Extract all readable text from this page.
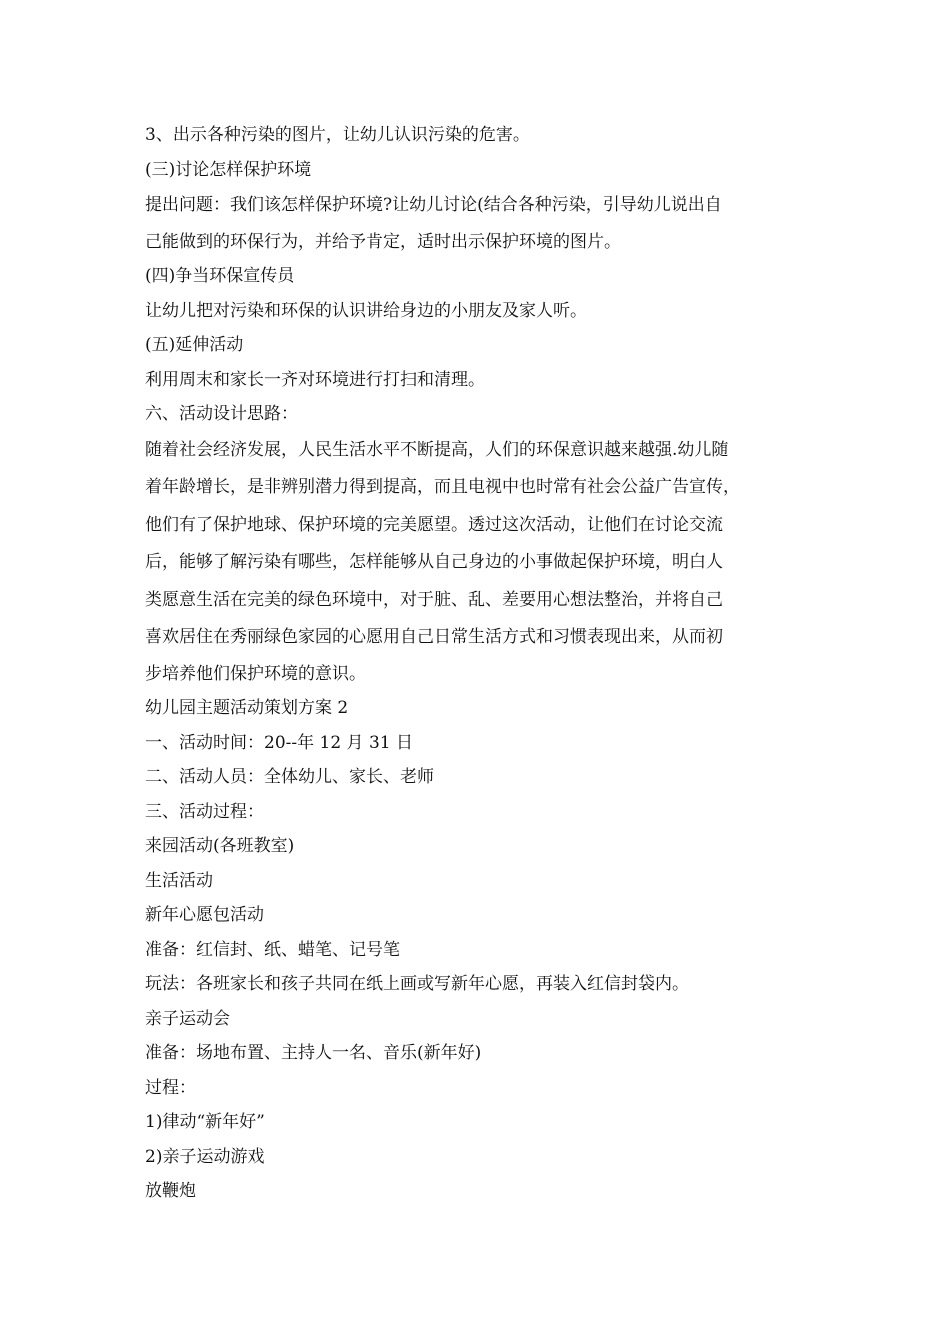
3、出示各种污染的图片，让幼儿认识污染的危害。

(三)讨论怎样保护环境

提出问题：我们该怎样保护环境?让幼儿讨论(结合各种污染，引导幼儿说出自

己能做到的环保行为，并给予肯定，适时出示保护环境的图片。

(四)争当环保宣传员

让幼儿把对污染和环保的认识讲给身边的小朋友及家人听。

(五)延伸活动

利用周末和家长一齐对环境进行打扫和清理。

六、活动设计思路：

随着社会经济发展，人民生活水平不断提高，人们的环保意识越来越强.幼儿随

着年龄增长，是非辨别潜力得到提高，而且电视中也时常有社会公益广告宣传，

他们有了保护地球、保护环境的完美愿望。透过这次活动，让他们在讨论交流

后，能够了解污染有哪些，怎样能够从自己身边的小事做起保护环境，明白人

类愿意生活在完美的绿色环境中，对于脏、乱、差要用心想法整治，并将自己

喜欢居住在秀丽绿色家园的心愿用自己日常生活方式和习惯表现出来，从而初

步培养他们保护环境的意识。

幼儿园主题活动策划方案 2

一、活动时间：20--年 12 月 31 日

二、活动人员：全体幼儿、家长、老师

三、活动过程：

来园活动(各班教室)

生活活动

新年心愿包活动

准备：红信封、纸、蜡笔、记号笔

玩法：各班家长和孩子共同在纸上画或写新年心愿，再装入红信封袋内。

亲子运动会

准备：场地布置、主持人一名、音乐(新年好)

过程：

1)律动“新年好”

2)亲子运动游戏

放鞭炮
